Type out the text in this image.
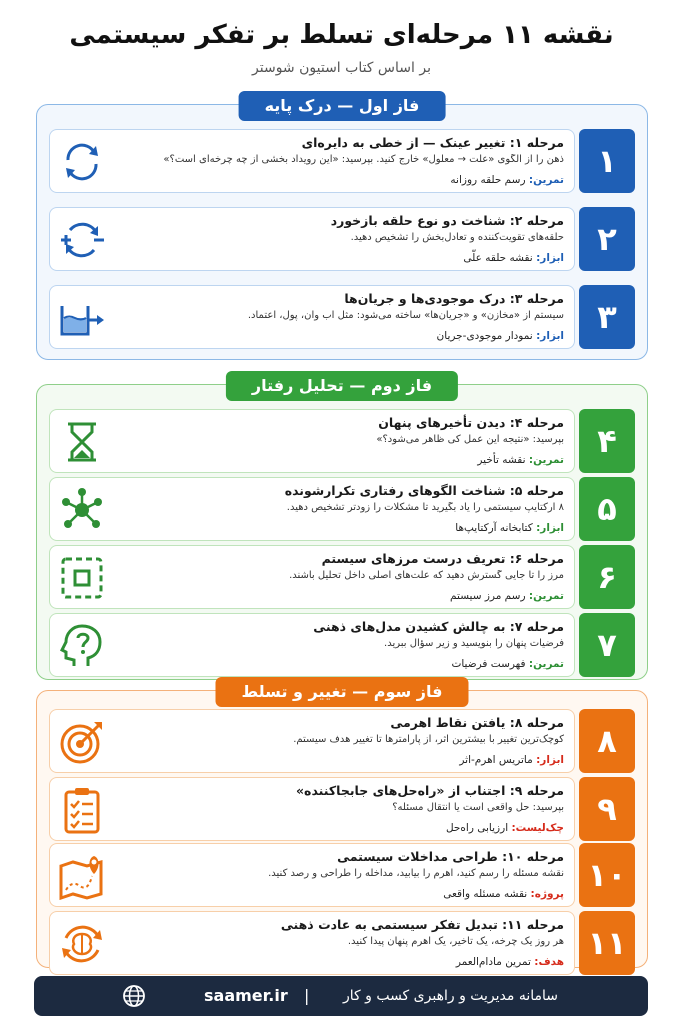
نقشه ۱۱ مرحله‌ای تسلط بر تفکر سیستمی
بر اساس کتاب استیون شوستر
فاز اول — درک پایه
۱
مرحله ۱: تغییر عینک — از خطی به دایره‌ای
ذهن را از الگوی «علت → معلول» خارج کنید. بپرسید: «این رویداد بخشی از چه چرخه‌ای است؟»
تمرین: رسم حلقه روزانه
۲
مرحله ۲: شناخت دو نوع حلقه بازخورد
حلقه‌های تقویت‌کننده و تعادل‌بخش را تشخیص دهید.
ابزار: نقشه حلقه علّی
۳
مرحله ۳: درک موجودی‌ها و جریان‌ها
سیستم از «مخازن» و «جریان‌ها» ساخته می‌شود: مثل آب وان، پول، اعتماد.
ابزار: نمودار موجودی-جریان
فاز دوم — تحلیل رفتار
۴
مرحله ۴: دیدن تأخیرهای پنهان
بپرسید: «نتیجه این عمل کی ظاهر می‌شود؟»
تمرین: نقشه تأخیر
۵
مرحله ۵: شناخت الگوهای رفتاری تکرارشونده
۸ آرکتایپ سیستمی را یاد بگیرید تا مشکلات را زودتر تشخیص دهید.
ابزار: کتابخانه آرکتایپ‌ها
۶
مرحله ۶: تعریف درست مرزهای سیستم
مرز را تا جایی گسترش دهید که علت‌های اصلی داخل تحلیل باشند.
تمرین: رسم مرز سیستم
۷
مرحله ۷: به چالش کشیدن مدل‌های ذهنی
فرضیات پنهان را بنویسید و زیر سؤال ببرید.
تمرین: فهرست فرضیات
فاز سوم — تغییر و تسلط
۸
مرحله ۸: یافتن نقاط اهرمی
کوچک‌ترین تغییر با بیشترین اثر، از پارامترها تا تغییر هدف سیستم.
ابزار: ماتریس اهرم-اثر
۹
مرحله ۹: اجتناب از «راه‌حل‌های جابجاکننده»
بپرسید: حل واقعی است یا انتقال مسئله؟
چک‌لیست: ارزیابی راه‌حل
۱۰
مرحله ۱۰: طراحی مداخلات سیستمی
نقشه مسئله را رسم کنید، اهرم را بیابید، مداخله را طراحی و رصد کنید.
پروژه: نقشه مسئله واقعی
۱۱
مرحله ۱۱: تبدیل تفکر سیستمی به عادت ذهنی
هر روز یک چرخه، یک تأخیر، یک اهرم پنهان پیدا کنید.
هدف: تمرین مادام‌العمر
سامانه مدیریت و راهبری کسب و کار
|
saamer.ir
